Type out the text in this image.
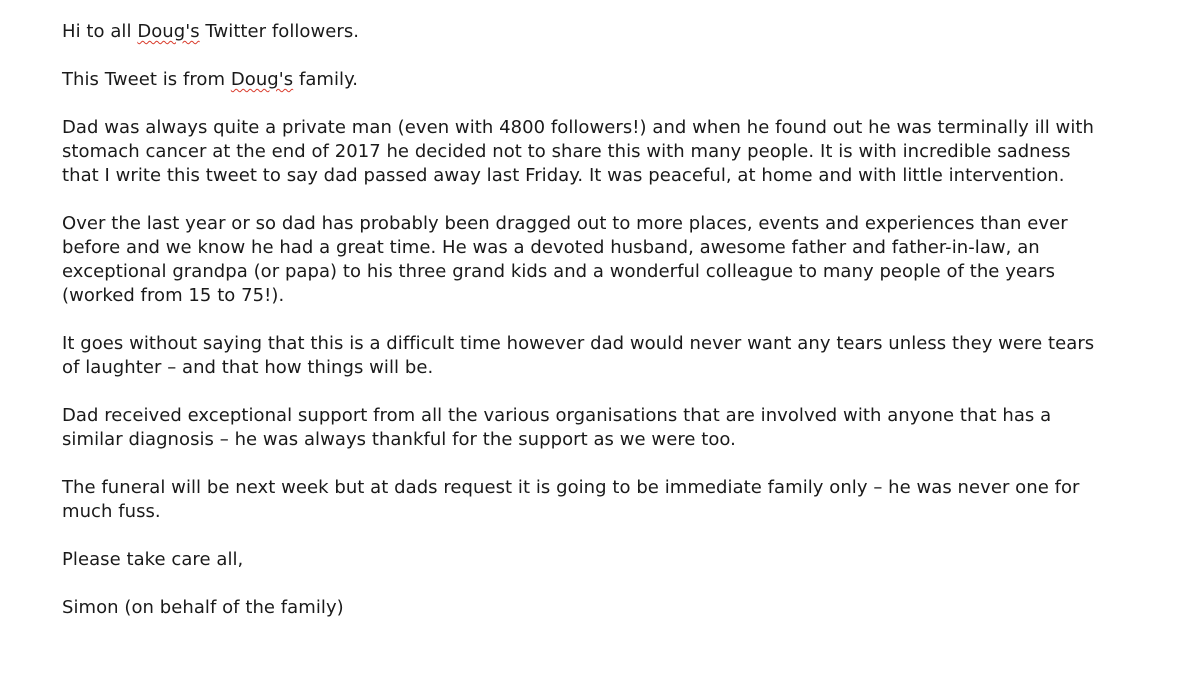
Hi to all Doug's Twitter followers.

This Tweet is from Doug's family.

Dad was always quite a private man (even with 4800 followers!) and when he found out he was terminally ill with
stomach cancer at the end of 2017 he decided not to share this with many people. It is with incredible sadness
that I write this tweet to say dad passed away last Friday. It was peaceful, at home and with little intervention.

Over the last year or so dad has probably been dragged out to more places, events and experiences than ever
before and we know he had a great time. He was a devoted husband, awesome father and father-in-law, an
exceptional grandpa (or papa) to his three grand kids and a wonderful colleague to many people of the years
(worked from 15 to 75!).

It goes without saying that this is a difficult time however dad would never want any tears unless they were tears
of laughter – and that how things will be.

Dad received exceptional support from all the various organisations that are involved with anyone that has a
similar diagnosis – he was always thankful for the support as we were too.

The funeral will be next week but at dads request it is going to be immediate family only – he was never one for
much fuss.

Please take care all,

Simon (on behalf of the family)
